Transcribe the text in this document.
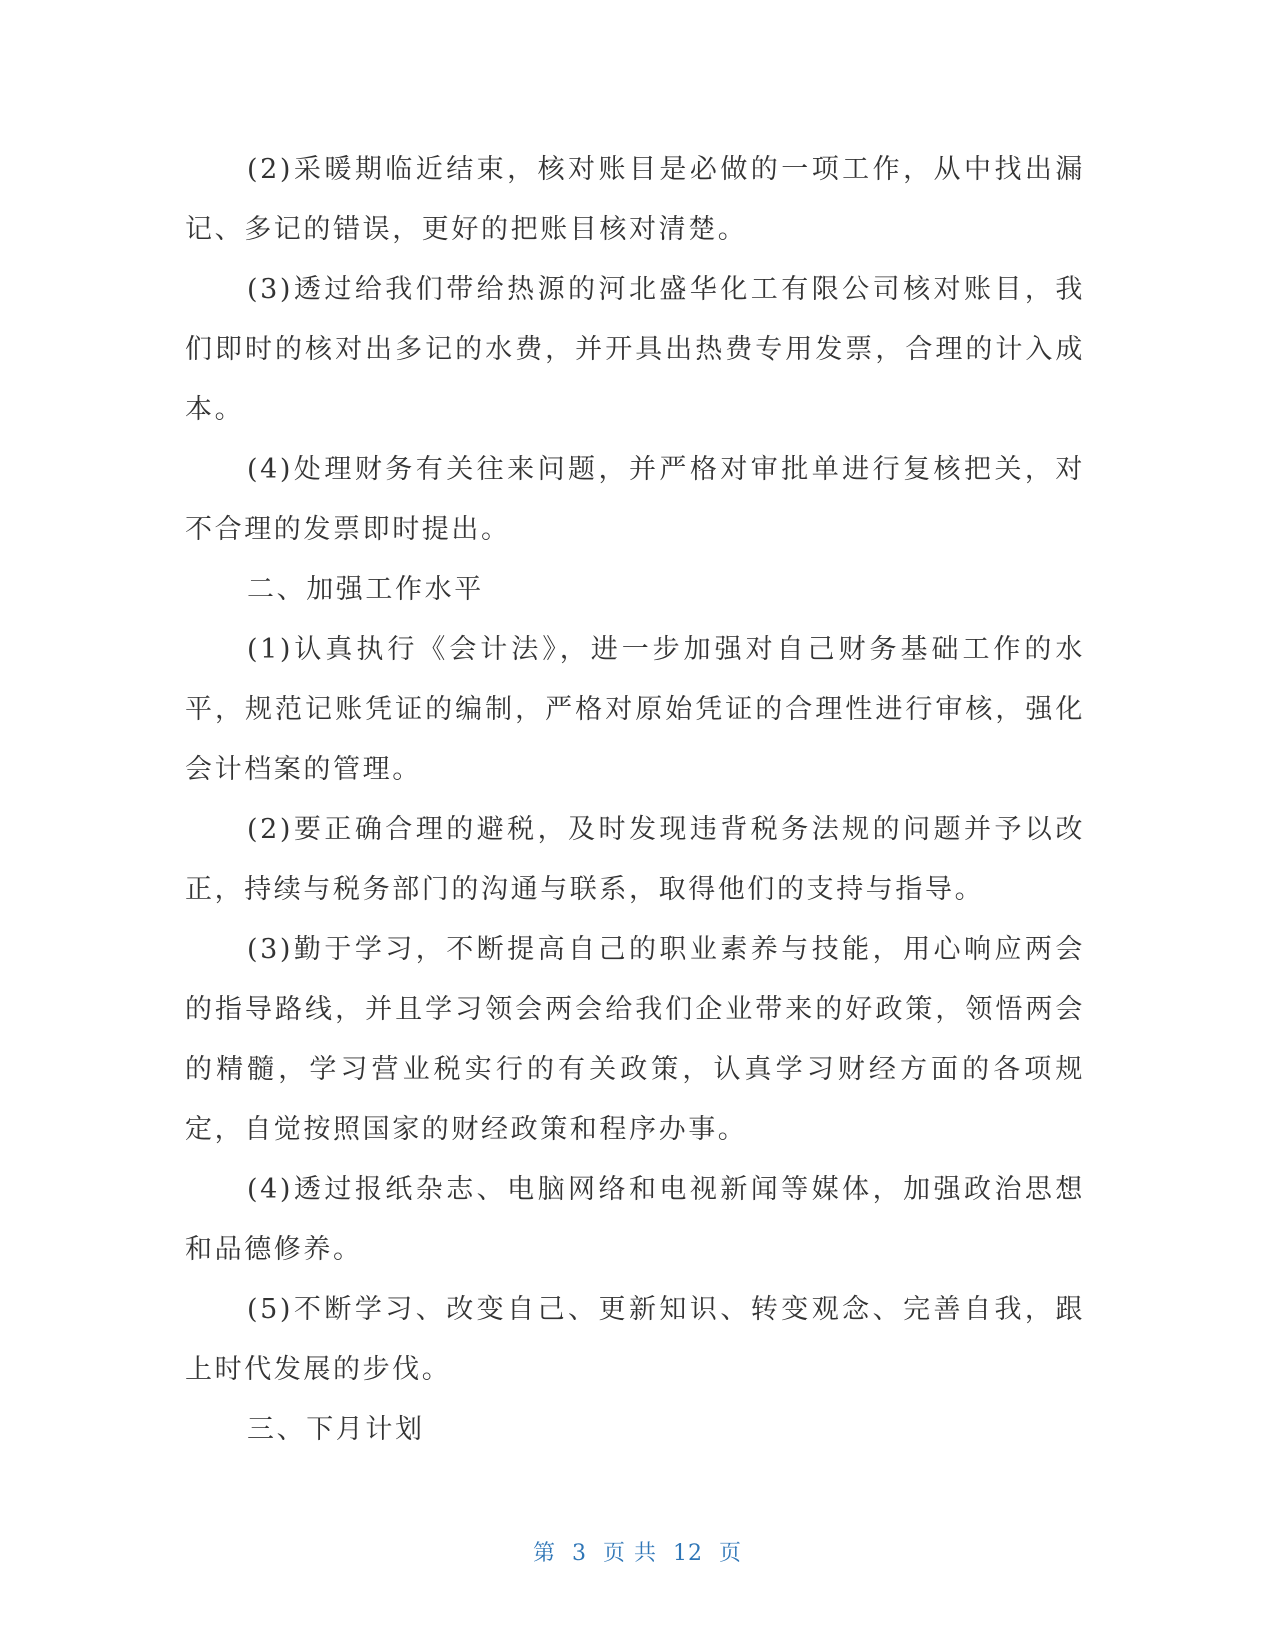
(2)采暖期临近结束，核对账目是必做的一项工作，从中找出漏记、多记的错误，更好的把账目核对清楚。

(3)透过给我们带给热源的河北盛华化工有限公司核对账目，我们即时的核对出多记的水费，并开具出热费专用发票，合理的计入成本。

(4)处理财务有关往来问题，并严格对审批单进行复核把关，对不合理的发票即时提出。

二、加强工作水平

(1)认真执行《会计法》，进一步加强对自己财务基础工作的水平，规范记账凭证的编制，严格对原始凭证的合理性进行审核，强化会计档案的管理。

(2)要正确合理的避税，及时发现违背税务法规的问题并予以改正，持续与税务部门的沟通与联系，取得他们的支持与指导。

(3)勤于学习，不断提高自己的职业素养与技能，用心响应两会的指导路线，并且学习领会两会给我们企业带来的好政策，领悟两会的精髓，学习营业税实行的有关政策，认真学习财经方面的各项规定，自觉按照国家的财经政策和程序办事。

(4)透过报纸杂志、电脑网络和电视新闻等媒体，加强政治思想和品德修养。

(5)不断学习、改变自己、更新知识、转变观念、完善自我，跟上时代发展的步伐。

三、下月计划

第 3 页 共 12 页
